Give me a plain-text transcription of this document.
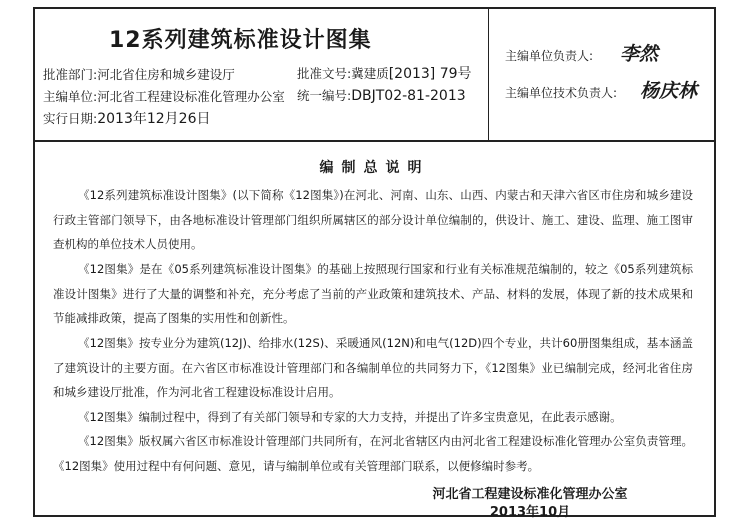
12系列建筑标准设计图集
批准部门:河北省住房和城乡建设厅	批准文号:冀建质[2013] 79号
主编单位:河北省工程建设标准化管理办公室 统一编号:DBJT02-81-2013
实行日期:2013年12月26日
主编单位负责人: 李然
主编单位技术负责人: 杨庆林
编制总说明

《12系列建筑标准设计图集》(以下简称《12图集》)在河北、河南、山东、山西、内蒙古和天津六省区市住房和城乡建设行政主管部门领导下，由各地标准设计管理部门组织所属辖区的部分设计单位编制的，供设计、施工、建设、监理、施工图审查机构的单位技术人员使用。

《12图集》是在《05系列建筑标准设计图集》的基础上按照现行国家和行业有关标准规范编制的，较之《05系列建筑标准设计图集》进行了大量的调整和补充，充分考虑了当前的产业政策和建筑技术、产品、材料的发展，体现了新的技术成果和节能减排政策，提高了图集的实用性和创新性。

《12图集》按专业分为建筑(12J)、给排水(12S)、采暖通风(12N)和电气(12D)四个专业，共计60册图集组成，基本涵盖了建筑设计的主要方面。在六省区市标准设计管理部门和各编制单位的共同努力下，《12图集》业已编制完成，经河北省住房和城乡建设厅批准，作为河北省工程建设标准设计启用。

《12图集》编制过程中，得到了有关部门领导和专家的大力支持，并提出了许多宝贵意见，在此表示感谢。

《12图集》版权属六省区市标准设计管理部门共同所有，在河北省辖区内由河北省工程建设标准化管理办公室负责管理。《12图集》使用过程中有何问题、意见，请与编制单位或有关管理部门联系，以便修编时参考。

河北省工程建设标准化管理办公室
2013年10月
